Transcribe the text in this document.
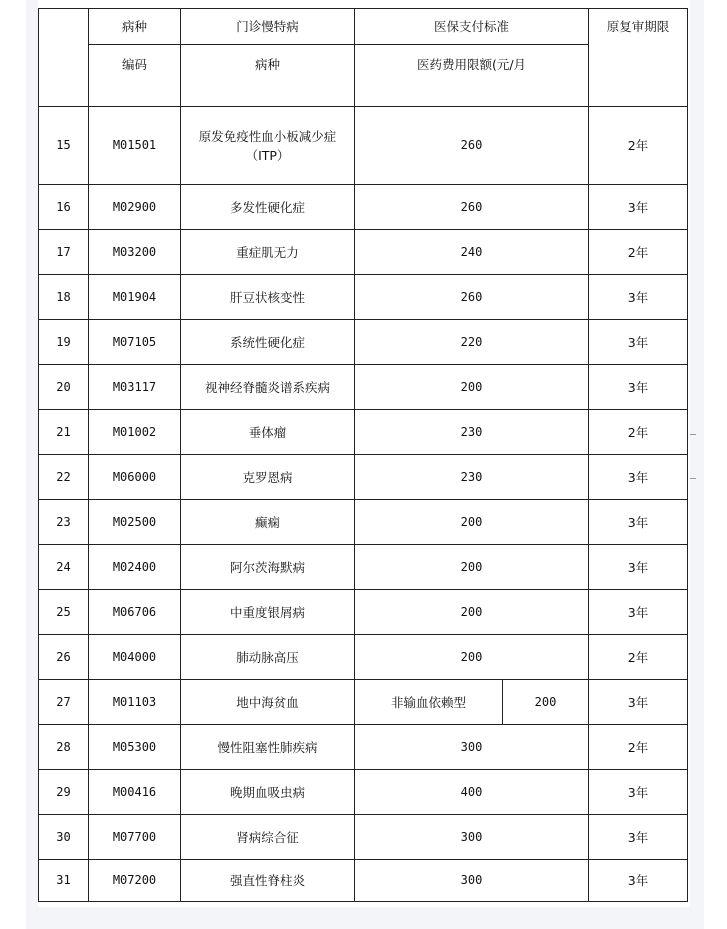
	病种	门诊慢特病	医保支付标准		原复审期限
	编码	病种	医药费用限额(元/月		
15	M01501	原发免疫性血小板减少症（ITP）	260		2年
16	M02900	多发性硬化症	260		3年
17	M03200	重症肌无力	240		2年
18	M01904	肝豆状核变性	260		3年
19	M07105	系统性硬化症	220		3年
20	M03117	视神经脊髓炎谱系疾病	200		3年
21	M01002	垂体瘤	230		2年
22	M06000	克罗恩病	230		3年
23	M02500	癫痫	200		3年
24	M02400	阿尔茨海默病	200		3年
25	M06706	中重度银屑病	200		3年
26	M04000	肺动脉高压	200		2年
27	M01103	地中海贫血	非输血依赖型	200	3年
28	M05300	慢性阻塞性肺疾病	300		2年
29	M00416	晚期血吸虫病	400		3年
30	M07700	肾病综合征	300		3年
31	M07200	强直性脊柱炎	300		3年
